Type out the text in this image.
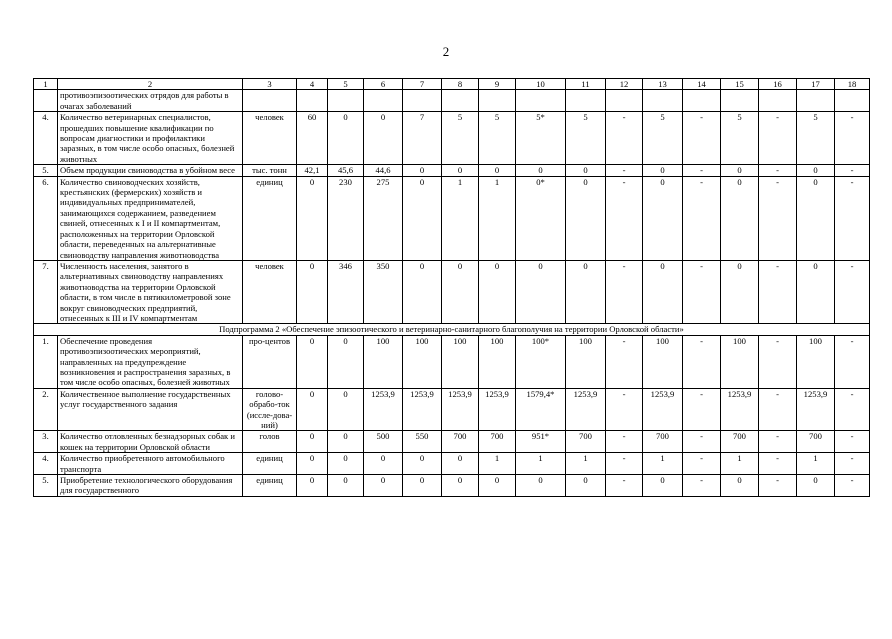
2
1	2	3	4	5	6	7	8	9	10	11	12	13	14	15	16	17	18
	противоэпизоотических отрядов для работы в очагах заболеваний																
4.	Количество ветеринарных специалистов, прошедших повышение квалификации по вопросам диагностики и профилактики заразных, в том числе особо опасных, болезней животных	человек	60	0	0	7	5	5	5*	5	-	5	-	5	-	5	-
5.	Объем продукции свиноводства в убойном весе	тыс. тонн	42,1	45,6	44,6	0	0	0	0	0	-	0	-	0	-	0	-
6.	Количество свиноводческих хозяйств, крестьянских (фермерских) хозяйств и индивидуальных предпринимателей, занимающихся содержанием, разведением свиней, отнесенных к I и II компартментам, расположенных на территории Орловской области, переведенных на альтернативные свиноводству направления животноводства	единиц	0	230	275	0	1	1	0*	0	-	0	-	0	-	0	-
7.	Численность населения, занятого в альтернативных свиноводству направлениях животноводства на территории Орловской области, в том числе в пятикилометровой зоне вокруг свиноводческих предприятий, отнесенных к III и IV компартментам	человек	0	346	350	0	0	0	0	0	-	0	-	0	-	0	-
Подпрограмма 2 «Обеспечение эпизоотического и ветеринарно-санитарного благополучия на территории Орловской области»																	
1.	Обеспечение проведения противоэпизоотических мероприятий, направленных на предупреждение возникновения и распространения заразных, в том числе особо опасных, болезней животных	про-центов	0	0	100	100	100	100	100*	100	-	100	-	100	-	100	-
2.	Количественное выполнение государственных услуг государственного задания	голово-обрабо-ток (иссле-дова-ний)	0	0	1253,9	1253,9	1253,9	1253,9	1579,4*	1253,9	-	1253,9	-	1253,9	-	1253,9	-
3.	Количество отловленных безнадзорных собак и кошек на территории Орловской области	голов	0	0	500	550	700	700	951*	700	-	700	-	700	-	700	-
4.	Количество приобретенного автомобильного транспорта	единиц	0	0	0	0	0	1	1	1	-	1	-	1	-	1	-
5.	Приобретение технологического оборудования для государственного	единиц	0	0	0	0	0	0	0	0	-	0	-	0	-	0	-
